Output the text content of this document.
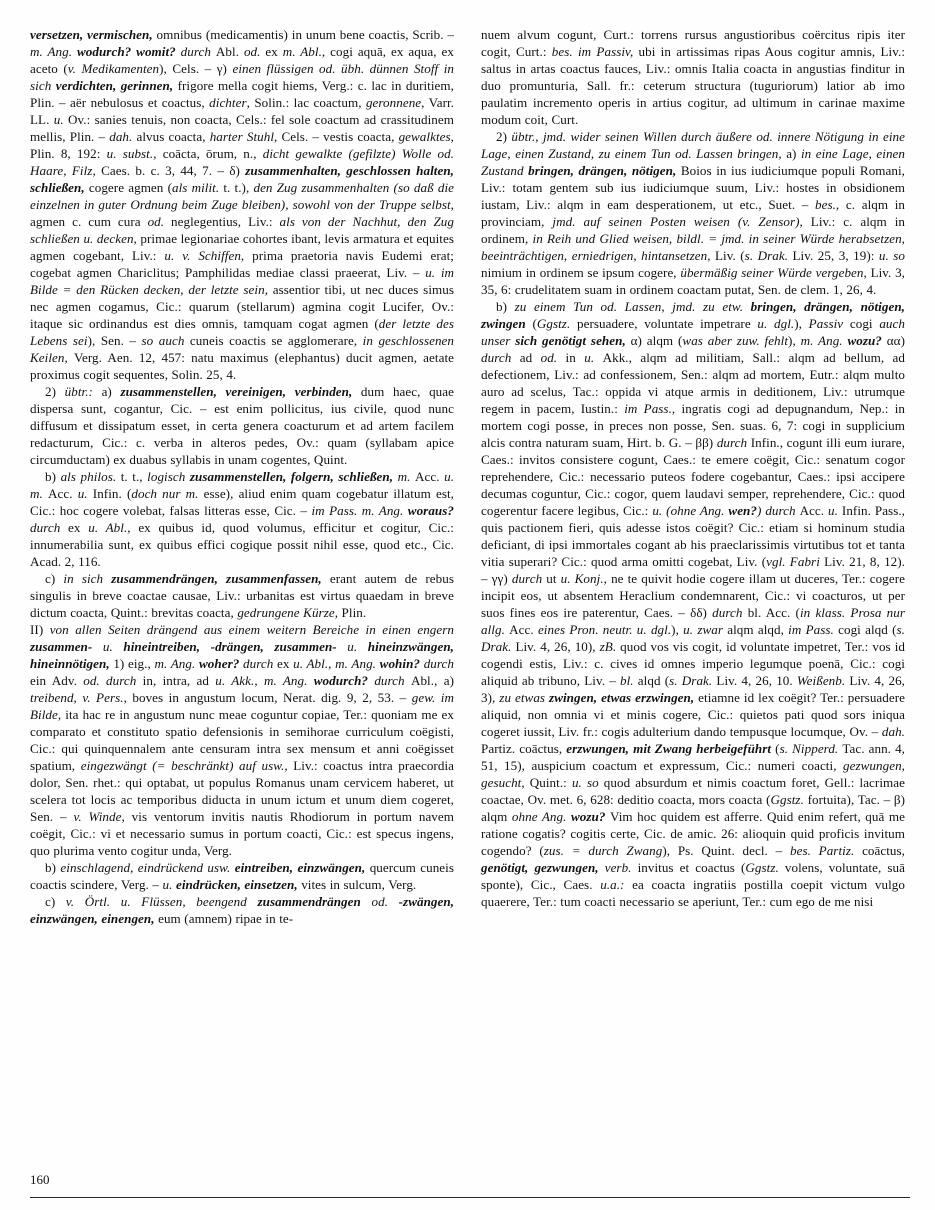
versetzen, vermischen, omnibus (medicamentis) in unum bene coactis, Scrib. – m. Ang. wodurch? womit? durch Abl. od. ex m. Abl., cogi aquā, ex aqua, ex aceto (v. Medikamenten), Cels. – γ) einen flüssigen od. übh. dünnen Stoff in sich verdichten, gerinnen, frigore mella cogit hiems, Verg.: c. lac in duritiem, Plin. – aër nebulosus et coactus, dichter, Solin.: lac coactum, geronnene, Varr. LL. u. Ov.: sanies tenuis, non coacta, Cels.: fel sole coactum ad crassitudinem mellis, Plin. – dah. alvus coacta, harter Stuhl, Cels. – vestis coacta, gewalktes, Plin. 8, 192: u. subst., coācta, ōrum, n., dicht gewalkte (gefilzte) Wolle od. Haare, Filz, Caes. b. c. 3, 44, 7. – δ) zusammenhalten, geschlossen halten, schließen, cogere agmen (als milit. t. t.), den Zug zusammenhalten (so daß die einzelnen in guter Ordnung beim Zuge bleiben), sowohl von der Truppe selbst, agmen c. cum cura od. neglegentius, Liv.: als von der Nachhut, den Zug schließen u. decken, primae legionariae cohortes ibant, levis armatura et equites agmen cogebant, Liv.: u. v. Schiffen, prima praetoria navis Eudemi erat; cogebat agmen Chariclitus; Pamphilidas mediae classi praeerat, Liv. – u. im Bilde = den Rücken decken, der letzte sein, assentior tibi, ut nec duces simus nec agmen cogamus, Cic.: quarum (stellarum) agmina cogit Lucifer, Ov.: itaque sic ordinandus est dies omnis, tamquam cogat agmen (der letzte des Lebens sei), Sen. – so auch cuneis coactis se agglomerare, in geschlossenen Keilen, Verg. Aen. 12, 457: natu maximus (elephantus) ducit agmen, aetate proximus cogit sequentes, Solin. 25, 4.

2) übtr.: a) zusammenstellen, vereinigen, verbinden, dum haec, quae dispersa sunt, cogantur, Cic. – est enim pollicitus, ius civile, quod nunc diffusum et dissipatum esset, in certa genera coacturum et ad artem facilem redacturum, Cic.: c. verba in alteros pedes, Ov.: quam (syllabam apice circumductam) ex duabus syllabis in unam cogentes, Quint.

b) als philos. t. t., logisch zusammenstellen, folgern, schließen, m. Acc. u. m. Acc. u. Infin. (doch nur m. esse), aliud enim quam cogebatur illatum est, Cic.: hoc cogere volebat, falsas litteras esse, Cic. – im Pass. m. Ang. woraus? durch ex u. Abl., ex quibus id, quod volumus, efficitur et cogitur, Cic.: innumerabilia sunt, ex quibus effici cogique possit nihil esse, quod etc., Cic. Acad. 2, 116.

c) in sich zusammendrängen, zusammenfassen, erant autem de rebus singulis in breve coactae causae, Liv.: urbanitas est virtus quaedam in breve dictum coacta, Quint.: brevitas coacta, gedrungene Kürze, Plin.

II) von allen Seiten drängend aus einem weitern Bereiche in einen engern zusammen- u. hineintreiben, -drängen, zusammen- u. hineinzwängen, hineinnötigen, 1) eig., m. Ang. woher? durch ex u. Abl., m. Ang. wohin? durch ein Adv. od. durch in, intra, ad u. Akk., m. Ang. wodurch? durch Abl., a) treibend, v. Pers., boves in angustum locum, Nerat. dig. 9, 2, 53. – gew. im Bilde, ita hac re in angustum nunc meae coguntur copiae, Ter.: quoniam me ex comparato et constituto spatio defensionis in semihorae curriculum coëgisti, Cic.: qui quinquennalem ante censuram intra sex mensum et anni coëgisset spatium, eingezwängt (= beschränkt) auf usw., Liv.: coactus intra praecordia dolor, Sen. rhet.: qui optabat, ut populus Romanus unam cervicem haberet, ut scelera tot locis ac temporibus diducta in unum ictum et unum diem cogeret, Sen. – v. Winde, vis ventorum invitis nautis Rhodiorum in portum navem coëgit, Cic.: vi et necessario sumus in portum coacti, Cic.: est specus ingens, quo plurima vento cogitur unda, Verg.

b) einschlagend, eindrückend usw. eintreiben, einzwängen, quercum cuneis coactis scindere, Verg. – u. eindrücken, einsetzen, vites in sulcum, Verg.

c) v. Örtl. u. Flüssen, beengend zusammendrängen od. -zwängen, einzwängen, einengen, eum (amnem) ripae in te-

nuem alvum cogunt, Curt.: torrens rursus angustioribus coërcitus ripis iter cogit, Curt.: bes. im Passiv, ubi in artissimas ripas Aous cogitur amnis, Liv.: saltus in artas coactus fauces, Liv.: omnis Italia coacta in angustias finditur in duo promunturia, Sall. fr.: ceterum structura (tuguriorum) latior ab imo paulatim incremento operis in artius cogitur, ad ultimum in carinae maxime modum coit, Curt.

2) übtr., jmd. wider seinen Willen durch äußere od. innere Nötigung in eine Lage, einen Zustand, zu einem Tun od. Lassen bringen, a) in eine Lage, einen Zustand bringen, drängen, nötigen, Boios in ius iudiciumque populi Romani, Liv.: totam gentem sub ius iudiciumque suum, Liv.: hostes in obsidionem iustam, Liv.: alqm in eam desperationem, ut etc., Suet. – bes., c. alqm in provinciam, jmd. auf seinen Posten weisen (v. Zensor), Liv.: c. alqm in ordinem, in Reih und Glied weisen, bildl. = jmd. in seiner Würde herabsetzen, beeinträchtigen, erniedrigen, hintansetzen, Liv. (s. Drak. Liv. 25, 3, 19): u. so nimium in ordinem se ipsum cogere, übermäßig seiner Würde vergeben, Liv. 3, 35, 6: crudelitatem suam in ordinem coactam putat, Sen. de clem. 1, 26, 4.

b) zu einem Tun od. Lassen, jmd. zu etw. bringen, drängen, nötigen, zwingen (Ggstz. persuadere, voluntate impetrare u. dgl.), Passiv cogi auch unser sich genötigt sehen, α) alqm (was aber zuw. fehlt), m. Ang. wozu? αα) durch ad od. in u. Akk., alqm ad militiam, Sall.: alqm ad bellum, ad defectionem, Liv.: ad confessionem, Sen.: alqm ad mortem, Eutr.: alqm multo auro ad scelus, Tac.: oppida vi atque armis in deditionem, Liv.: utrumque regem in pacem, Iustin.: im Pass., ingratis cogi ad depugnandum, Nep.: in mortem cogi posse, in preces non posse, Sen. suas. 6, 7: cogi in supplicium alcis contra naturam suam, Hirt. b. G. – ββ) durch Infin., cogunt illi eum iurare, Caes.: invitos consistere cogunt, Caes.: te emere coëgit, Cic.: senatum cogor reprehendere, Cic.: necessario puteos fodere cogebantur, Caes.: ipsi accipere decumas coguntur, Cic.: cogor, quem laudavi semper, reprehendere, Cic.: quod cogerentur facere legibus, Cic.: u. (ohne Ang. wen?) durch Acc. u. Infin. Pass., quis pactionem fieri, quis adesse istos coëgit? Cic.: etiam si hominum studia deficiant, di ipsi immortales cogant ab his praeclarissimis virtutibus tot et tanta vitia superari? Cic.: quod arma omitti cogebat, Liv. (vgl. Fabri Liv. 21, 8, 12). – γγ) durch ut u. Konj., ne te quivit hodie cogere illam ut duceres, Ter.: cogere incipit eos, ut absentem Heraclium condemnarent, Cic.: vi coacturos, ut per suos fines eos ire paterentur, Caes. – δδ) durch bl. Acc. (in klass. Prosa nur allg. Acc. eines Pron. neutr. u. dgl.), u. zwar alqm alqd, im Pass. cogi alqd (s. Drak. Liv. 4, 26, 10), zB. quod vos vis cogit, id voluntate impetret, Ter.: vos id cogendi estis, Liv.: c. cives id omnes imperio legumque poenā, Cic.: cogi aliquid ab tribuno, Liv. – bl. alqd (s. Drak. Liv. 4, 26, 10. Weißenb. Liv. 4, 26, 3), zu etwas zwingen, etwas erzwingen, etiamne id lex coëgit? Ter.: persuadere aliquid, non omnia vi et minis cogere, Cic.: quietos pati quod sors iniqua cogeret iussit, Liv. fr.: cogis adulterium dando tempusque locumque, Ov. – dah. Partiz. coāctus, erzwungen, mit Zwang herbeigeführt (s. Nipperd. Tac. ann. 4, 51, 15), auspicium coactum et expressum, Cic.: numeri coacti, gezwungen, gesucht, Quint.: u. so quod absurdum et nimis coactum foret, Gell.: lacrimae coactae, Ov. met. 6, 628: deditio coacta, mors coacta (Ggstz. fortuita), Tac. – β) alqm ohne Ang. wozu? Vim hoc quidem est afferre. Quid enim refert, quā me ratione cogatis? cogitis certe, Cic. de amic. 26: alioquin quid proficis invitum cogendo? (zus. = durch Zwang), Ps. Quint. decl. – bes. Partiz. coāctus, genötigt, gezwungen, verb. invitus et coactus (Ggstz. volens, voluntate, suā sponte), Cic., Caes. u.a.: ea coacta ingratiis postilla coepit victum vulgo quaerere, Ter.: tum coacti necessario se aperiunt, Ter.: cum ego de me nisi

160
